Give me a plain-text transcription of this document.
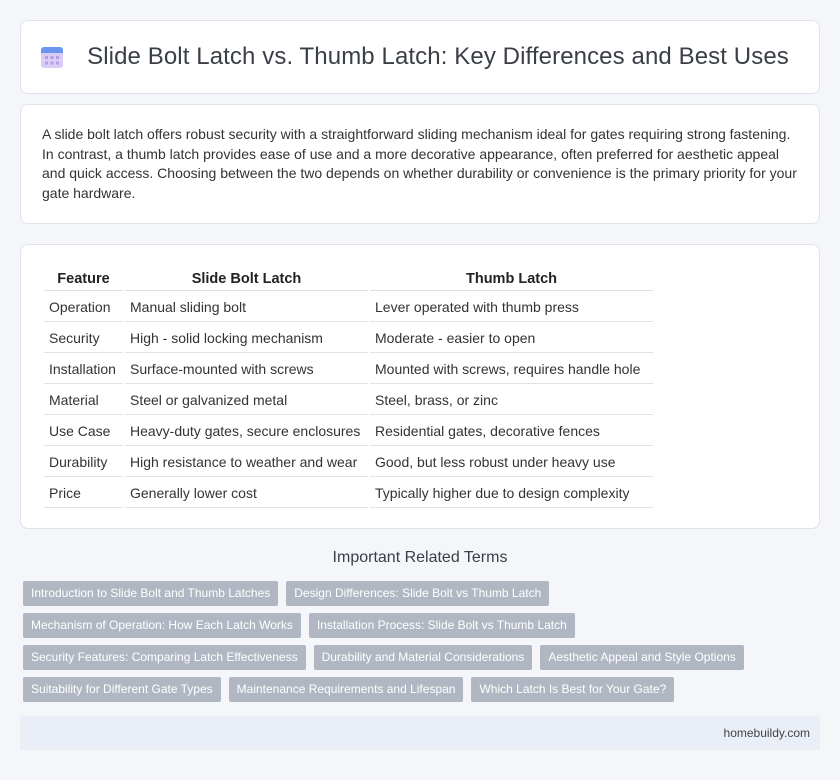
Slide Bolt Latch vs. Thumb Latch: Key Differences and Best Uses

A slide bolt latch offers robust security with a straightforward sliding mechanism ideal for gates requiring strong fastening. In contrast, a thumb latch provides ease of use and a more decorative appearance, often preferred for aesthetic appeal and quick access. Choosing between the two depends on whether durability or convenience is the primary priority for your gate hardware.

Feature	Slide Bolt Latch	Thumb Latch
Operation	Manual sliding bolt	Lever operated with thumb press
Security	High - solid locking mechanism	Moderate - easier to open
Installation	Surface-mounted with screws	Mounted with screws, requires handle hole
Material	Steel or galvanized metal	Steel, brass, or zinc
Use Case	Heavy-duty gates, secure enclosures	Residential gates, decorative fences
Durability	High resistance to weather and wear	Good, but less robust under heavy use
Price	Generally lower cost	Typically higher due to design complexity
Important Related Terms
Introduction to Slide Bolt and Thumb Latches	Design Differences: Slide Bolt vs Thumb Latch
Mechanism of Operation: How Each Latch Works	Installation Process: Slide Bolt vs Thumb Latch
Security Features: Comparing Latch Effectiveness	Durability and Material Considerations	Aesthetic Appeal and Style Options
Suitability for Different Gate Types	Maintenance Requirements and Lifespan	Which Latch Is Best for Your Gate?
homebuildy.com
